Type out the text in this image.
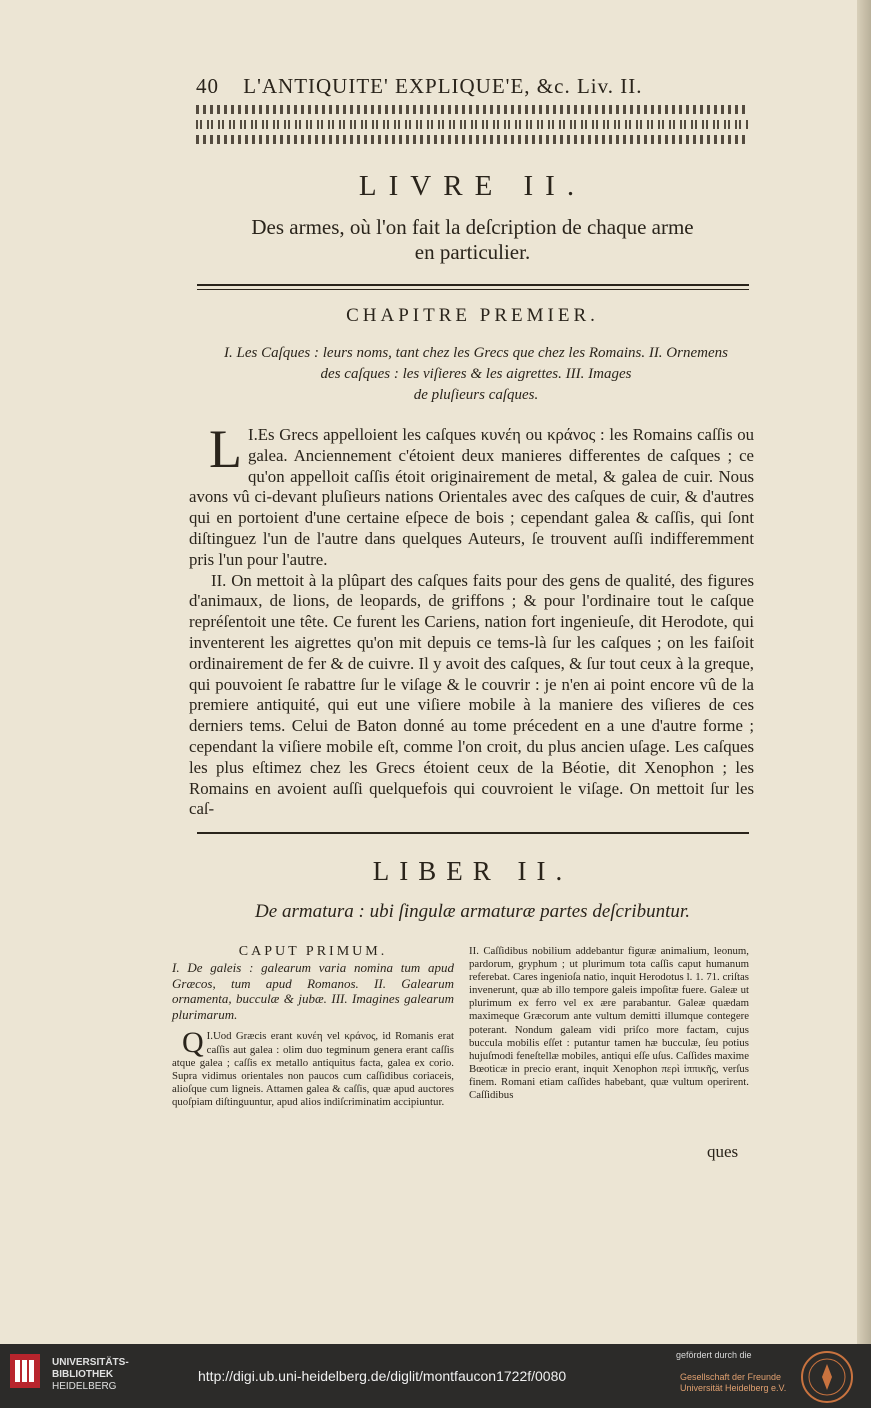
40 L'ANTIQUITE' EXPLIQUE'E, &c. Liv. II.
LIVRE II.
Des armes, où l'on fait la deſcription de chaque arme
en particulier.
CHAPITRE PREMIER.
I. Les Caſques : leurs noms, tant chez les Grecs que chez les Romains. II. Ornemens
des caſques : les viſieres & les aigrettes. III. Images
de pluſieurs caſques.

I.
L Es Grecs appelloient les caſques κυνέη ou κράνος : les Romains caſſis ou galea. Anciennement c'étoient deux manieres differentes de caſques ; ce qu'on appelloit caſſis étoit originairement de metal, & galea de cuir. Nous avons vû ci-devant pluſieurs nations Orientales avec des caſques de cuir, & d'autres qui en portoient d'une certaine eſpece de bois ; cependant galea & caſſis, qui ſont diſtinguez l'un de l'autre dans quelques Auteurs, ſe trouvent auſſi indifferemment pris l'un pour l'autre.

II. On mettoit à la plûpart des caſques faits pour des gens de qualité, des figures d'animaux, de lions, de leopards, de griffons ; & pour l'ordinaire tout le caſque repréſentoit une tête. Ce furent les Cariens, nation fort ingenieuſe, dit Herodote, qui inventerent les aigrettes qu'on mit depuis ce tems-là ſur les caſques ; on les faiſoit ordinairement de fer & de cuivre. Il y avoit des caſques, & ſur tout ceux à la greque, qui pouvoient ſe rabattre ſur le viſage & le couvrir : je n'en ai point encore vû de la premiere antiquité, qui eut une viſiere mobile à la maniere des viſieres de ces derniers tems. Celui de Baton donné au tome précedent en a une d'autre forme ; cependant la viſiere mobile eſt, comme l'on croit, du plus ancien uſage. Les caſques les plus eſtimez chez les Grecs étoient ceux de la Béotie, dit Xenophon ; les Romains en avoient auſſi quelquefois qui couvroient le viſage. On mettoit ſur les caſ-

LIBER II.
De armatura : ubi ſingulæ armaturæ partes deſcribuntur.
CAPUT PRIMUM.
I. De galeis : galearum varia nomina tum apud Græcos, tum apud Romanos. II. Galearum ornamenta, bucculæ & jubæ. III. Imagines galearum plurimarum.

I.
Q Uod Græcis erant κυνέη vel κράνος, id Romanis erat caſſis aut galea : olim duo tegminum genera erant caſſis atque galea ; caſſis ex metallo antiquitus facta, galea ex corio. Supra vidimus orientales non paucos cum caſſidibus coriaceis, alioſque cum ligneis. Attamen galea & caſſis, quæ apud auctores quoſpiam diſtinguuntur, apud alios indiſcriminatim accipiuntur.

II. Caſſidibus nobilium addebantur figuræ animalium, leonum, pardorum, gryphum ; ut plurimum tota caſſis caput humanum referebat. Cares ingenioſa natio, inquit Herodotus l. 1. 71. criſtas invenerunt, quæ ab illo tempore galeis impoſitæ fuere. Galeæ ut plurimum ex ferro vel ex ære parabantur. Galeæ quædam maximeque Græcorum ante vultum demitti illumque contegere poterant. Nondum galeam vidi priſco more factam, cujus buccula mobilis eſſet : putantur tamen hæ bucculæ, ſeu potius hujuſmodi feneſtellæ mobiles, antiqui eſſe uſus. Caſſides maxime Bœoticæ in precio erant, inquit Xenophon περὶ ἱππικῆς, verſus finem. Romani etiam caſſides habebant, quæ vultum operirent. Caſſidibus

ques
UNIVERSITÄTS-
BIBLIOTHEK
HEIDELBERG
http://digi.ub.uni-heidelberg.de/diglit/montfaucon1722f/0080
gefördert durch die
Gesellschaft der Freunde
Universität Heidelberg e.V.
